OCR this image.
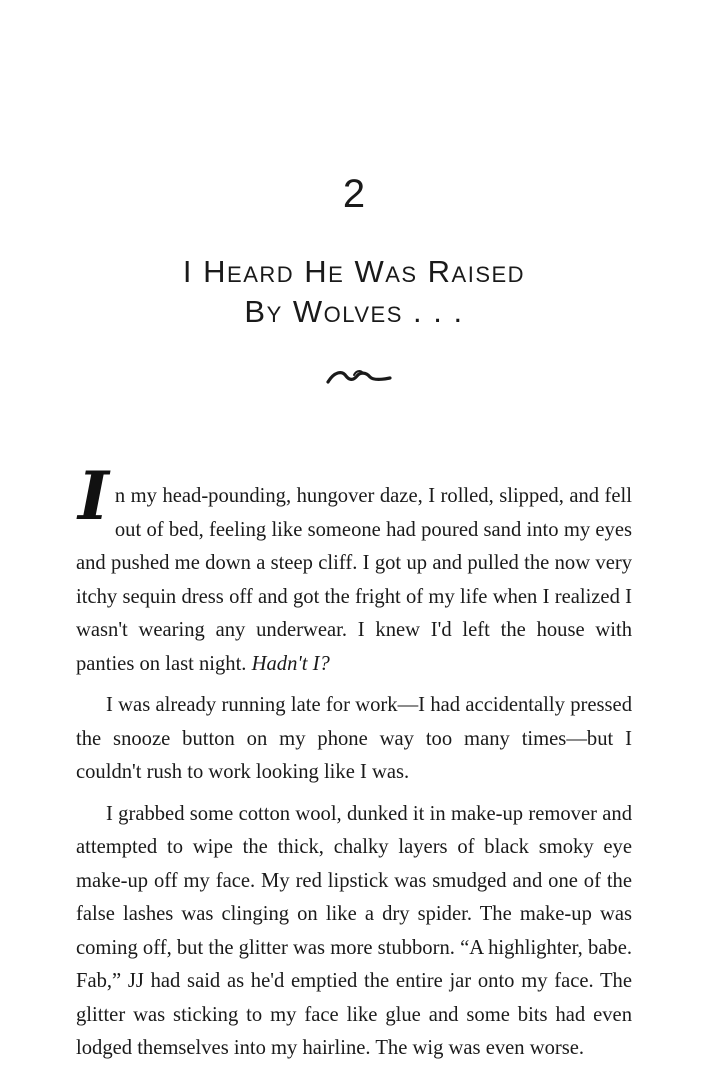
2
I Heard He Was Raised
By Wolves . . .

In my head-pounding, hungover daze, I rolled, slipped, and fell out of bed, feeling like someone had poured sand into my eyes and pushed me down a steep cliff. I got up and pulled the now very itchy sequin dress off and got the fright of my life when I realized I wasn't wearing any underwear. I knew I'd left the house with panties on last night. Hadn't I?

I was already running late for work—I had accidentally pressed the snooze button on my phone way too many times—but I couldn't rush to work looking like I was.

I grabbed some cotton wool, dunked it in make-up remover and attempted to wipe the thick, chalky layers of black smoky eye make-up off my face. My red lipstick was smudged and one of the false lashes was clinging on like a dry spider. The make-up was coming off, but the glitter was more stubborn. “A highlighter, babe. Fab,” JJ had said as he'd emptied the entire jar onto my face. The glitter was sticking to my face like glue and some bits had even lodged themselves into my hairline. The wig was even worse.
